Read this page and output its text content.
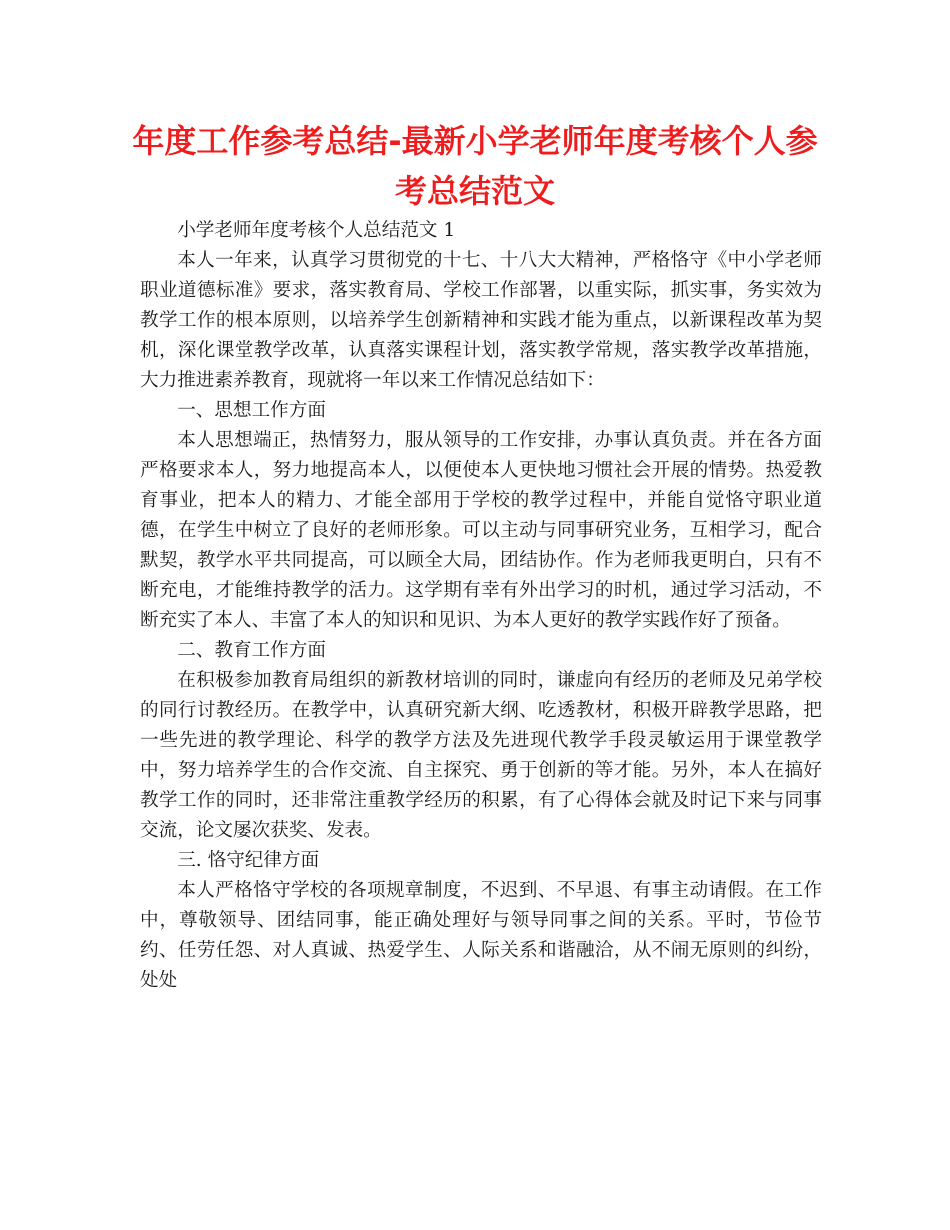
年度工作参考总结-最新小学老师年度考核个人参考总结范文

小学老师年度考核个人总结范文 1

本人一年来，认真学习贯彻党的十七、十八大大精神，严格恪守《中小学老师职业道德标准》要求，落实教育局、学校工作部署，以重实际，抓实事，务实效为教学工作的根本原则，以培养学生创新精神和实践才能为重点，以新课程改革为契机，深化课堂教学改革，认真落实课程计划，落实教学常规，落实教学改革措施，大力推进素养教育，现就将一年以来工作情况总结如下：

一、思想工作方面

本人思想端正，热情努力，服从领导的工作安排，办事认真负责。并在各方面严格要求本人，努力地提高本人，以便使本人更快地习惯社会开展的情势。热爱教育事业，把本人的精力、才能全部用于学校的教学过程中，并能自觉恪守职业道德，在学生中树立了良好的老师形象。可以主动与同事研究业务，互相学习，配合默契，教学水平共同提高，可以顾全大局，团结协作。作为老师我更明白，只有不断充电，才能维持教学的活力。这学期有幸有外出学习的时机，通过学习活动，不断充实了本人、丰富了本人的知识和见识、为本人更好的教学实践作好了预备。

二、教育工作方面

在积极参加教育局组织的新教材培训的同时，谦虚向有经历的老师及兄弟学校的同行讨教经历。在教学中，认真研究新大纲、吃透教材，积极开辟教学思路，把一些先进的教学理论、科学的教学方法及先进现代教学手段灵敏运用于课堂教学中，努力培养学生的合作交流、自主探究、勇于创新的等才能。另外，本人在搞好教学工作的同时，还非常注重教学经历的积累，有了心得体会就及时记下来与同事交流，论文屡次获奖、发表。

三. 恪守纪律方面

本人严格恪守学校的各项规章制度，不迟到、不早退、有事主动请假。在工作中，尊敬领导、团结同事，能正确处理好与领导同事之间的关系。平时，节俭节约、任劳任怨、对人真诚、热爱学生、人际关系和谐融洽，从不闹无原则的纠纷，处处
